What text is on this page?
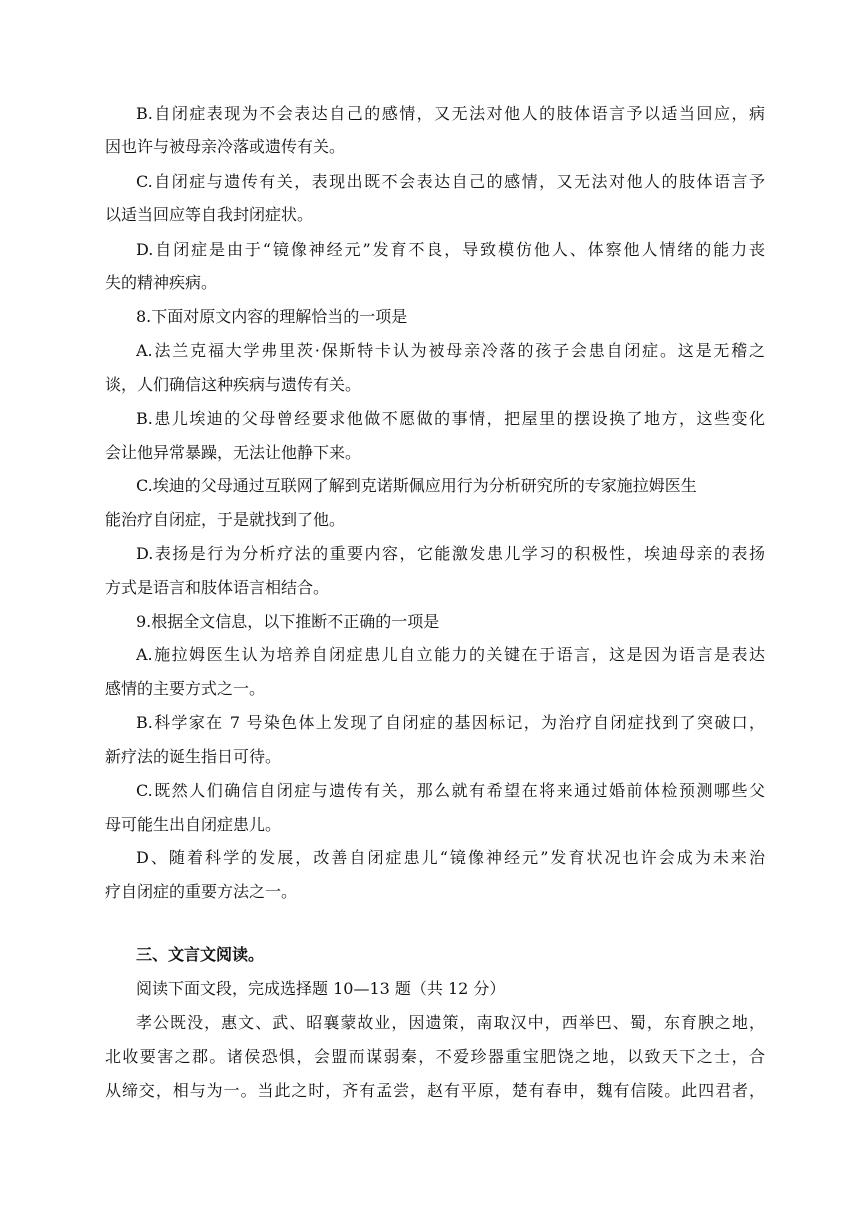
B.自闭症表现为不会表达自己的感情，又无法对他人的肢体语言予以适当回应，病
因也许与被母亲冷落或遗传有关。
C.自闭症与遗传有关，表现出既不会表达自己的感情，又无法对他人的肢体语言予
以适当回应等自我封闭症状。
D.自闭症是由于“镜像神经元”发育不良，导致模仿他人、体察他人情绪的能力丧
失的精神疾病。
8.下面对原文内容的理解恰当的一项是
A.法兰克福大学弗里茨·保斯特卡认为被母亲冷落的孩子会患自闭症。这是无稽之
谈，人们确信这种疾病与遗传有关。
B.患儿埃迪的父母曾经要求他做不愿做的事情，把屋里的摆设换了地方，这些变化
会让他异常暴躁，无法让他静下来。
C.埃迪的父母通过互联网了解到克诺斯佩应用行为分析研究所的专家施拉姆医生
能治疗自闭症，于是就找到了他。
D.表扬是行为分析疗法的重要内容，它能激发患儿学习的积极性，埃迪母亲的表扬
方式是语言和肢体语言相结合。
9.根据全文信息，以下推断不正确的一项是
A.施拉姆医生认为培养自闭症患儿自立能力的关键在于语言，这是因为语言是表达
感情的主要方式之一。
B.科学家在 7 号染色体上发现了自闭症的基因标记，为治疗自闭症找到了突破口，
新疗法的诞生指日可待。
C.既然人们确信自闭症与遗传有关，那么就有希望在将来通过婚前体检预测哪些父
母可能生出自闭症患儿。
D、随着科学的发展，改善自闭症患儿“镜像神经元”发育状况也许会成为未来治
疗自闭症的重要方法之一。
三、文言文阅读。
阅读下面文段，完成选择题 10—13 题（共 12 分）
孝公既没，惠文、武、昭襄蒙故业，因遗策，南取汉中，西举巴、蜀，东育腴之地，
北收要害之郡。诸侯恐惧，会盟而谋弱秦，不爱珍器重宝肥饶之地，以致天下之士，合
从缔交，相与为一。当此之时，齐有孟尝，赵有平原，楚有春申，魏有信陵。此四君者，
